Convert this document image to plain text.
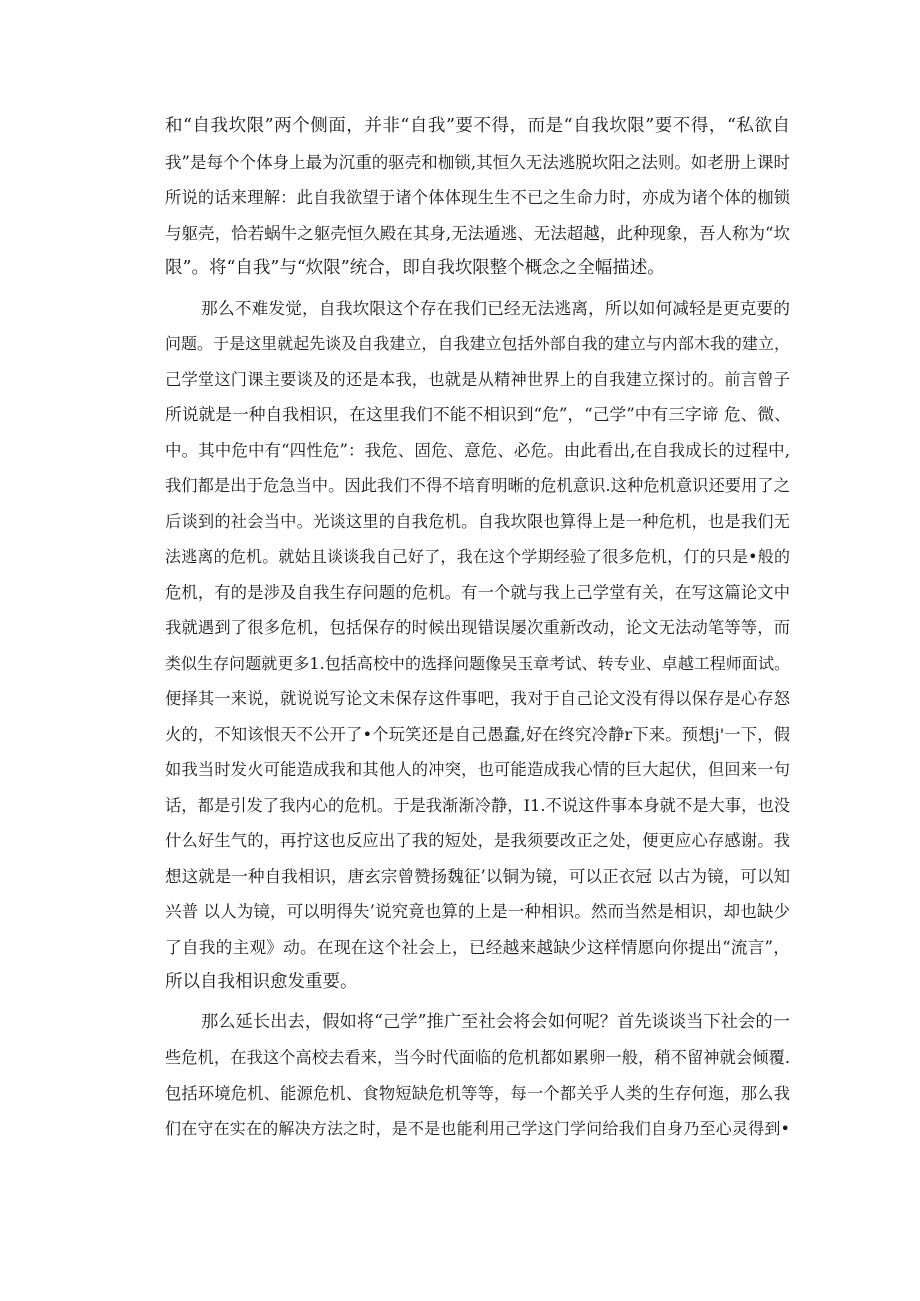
和“自我坎限”两个侧面，并非“自我”要不得，而是“自我坎限”要不得，“私欲自
我”是每个个体身上最为沉重的驱壳和枷锁,其恒久无法逃脱坎阳之法则。如老册上课时
所说的话来理解：此自我欲望于诸个体体现生生不已之生命力时，亦成为诸个体的枷锁
与躯壳，恰若蜗牛之躯壳恒久殿在其身,无法遁逃、无法超越，此种现象，吾人称为“坎
限”。将“自我”与“炊限”统合，即自我坎限整个概念之全幅描述。
那么不难发觉，自我坎限这个存在我们已经无法逃离，所以如何减轻是更克要的
问题。于是这里就起先谈及自我建立，自我建立包括外部自我的建立与内部木我的建立，
己学堂这门课主要谈及的还是本我，也就是从精神世界上的自我建立探讨的。前言曾子
所说就是一种自我相识，在这里我们不能不相识到“危”，“己学”中有三字谛 危、微、
中。其中危中有“四性危”：我危、固危、意危、必危。由此看出,在自我成长的过程中,
我们都是出于危急当中。因此我们不得不培育明晰的危机意识.这种危机意识还要用了之
后谈到的社会当中。光谈这里的自我危机。自我坎限也算得上是一种危机，也是我们无
法逃离的危机。就姑且谈谈我自己好了，我在这个学期经验了很多危机，仃的只是•般的
危机，有的是涉及自我生存问题的危机。有一个就与我上己学堂有关，在写这篇论文中
我就遇到了很多危机，包括保存的时候出现错误屡次重新改动，论文无法动笔等等，而
类似生存问题就更多1.包括高校中的选择问题像吴玉章考试、转专业、卓越工程师面试。
便择其一来说，就说说写论文未保存这件事吧，我对于自己论文没有得以保存是心存怒
火的，不知该恨天不公开了•个玩笑还是自己愚蠢,好在终究冷静r下来。预想j'一下，假
如我当时发火可能造成我和其他人的冲突，也可能造成我心情的巨大起伏，但回来一句
话，都是引发了我内心的危机。于是我渐渐冷静，I1.不说这件事本身就不是大事，也没
什么好生气的，再拧这也反应出了我的短处，是我须要改正之处，便更应心存感谢。我
想这就是一种自我相识，唐玄宗曾赞扬魏征’以铜为镜，可以正衣冠 以古为镜，可以知
兴普 以人为镜，可以明得失’说究竟也算的上是一种相识。然而当然是相识，却也缺少
了自我的主观》动。在现在这个社会上，已经越来越缺少这样情愿向你提出“流言”，
所以自我相识愈发重要。
那么延长出去，假如将“己学”推广至社会将会如何呢？首先谈谈当下社会的一
些危机，在我这个高校去看来，当今时代面临的危机都如累卵一般，稍不留神就会倾覆.
包括环境危机、能源危机、食物短缺危机等等，每一个都关乎人类的生存何迤，那么我
们在守在实在的解决方法之时，是不是也能利用己学这门学问给我们自身乃至心灵得到•
